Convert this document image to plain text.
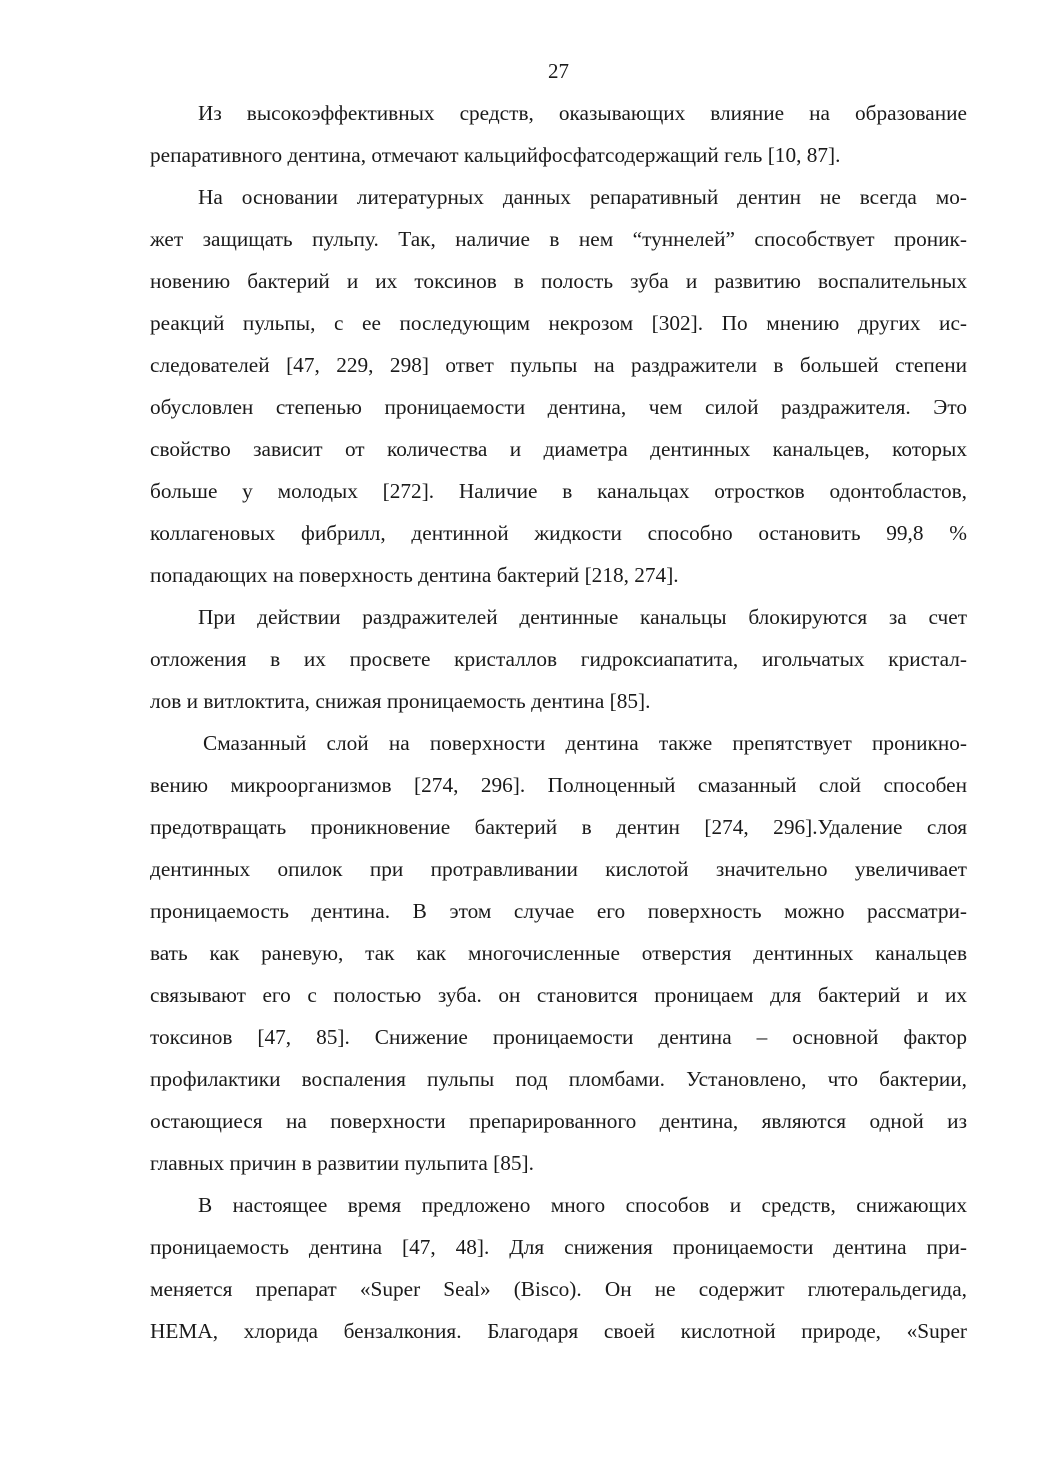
27
Из высокоэффективных средств, оказывающих влияние на образование
репаративного дентина, отмечают кальцийфосфатсодержащий гель [10, 87].
На основании литературных данных репаративный дентин не всегда мо-
жет защищать пульпу. Так, наличие в нем “туннелей” способствует проник-
новению бактерий и их токсинов в полость зуба и развитию воспалительных
реакций пульпы, с ее последующим некрозом [302]. По мнению других ис-
следователей [47, 229, 298] ответ пульпы на раздражители в большей степени
обусловлен степенью проницаемости дентина, чем силой раздражителя. Это
свойство зависит от количества и диаметра дентинных канальцев, которых
больше у молодых [272]. Наличие в канальцах отростков одонтобластов,
коллагеновых фибрилл, дентинной жидкости способно остановить 99,8 %
попадающих на поверхность дентина бактерий [218, 274].
При действии раздражителей дентинные канальцы блокируются за счет
отложения в их просвете кристаллов гидроксиапатита, игольчатых кристал-
лов и витлоктита, снижая проницаемость дентина [85].
Смазанный слой на поверхности дентина также препятствует проникно-
вению микроорганизмов [274, 296]. Полноценный смазанный слой способен
предотвращать проникновение бактерий в дентин [274, 296].Удаление слоя
дентинных опилок при протравливании кислотой значительно увеличивает
проницаемость дентина. В этом случае его поверхность можно рассматри-
вать как раневую, так как многочисленные отверстия дентинных канальцев
связывают его с полостью зуба. он становится проницаем для бактерий и их
токсинов [47, 85]. Снижение проницаемости дентина – основной фактор
профилактики воспаления пульпы под пломбами. Установлено, что бактерии,
остающиеся на поверхности препарированного дентина, являются одной из
главных причин в развитии пульпита [85].
В настоящее время предложено много способов и средств, снижающих
проницаемость дентина [47, 48]. Для снижения проницаемости дентина при-
меняется препарат «Super Seal» (Bisco). Он не содержит глютеральдегида,
HEMA, хлорида бензалкония. Благодаря своей кислотной природе, «Super
